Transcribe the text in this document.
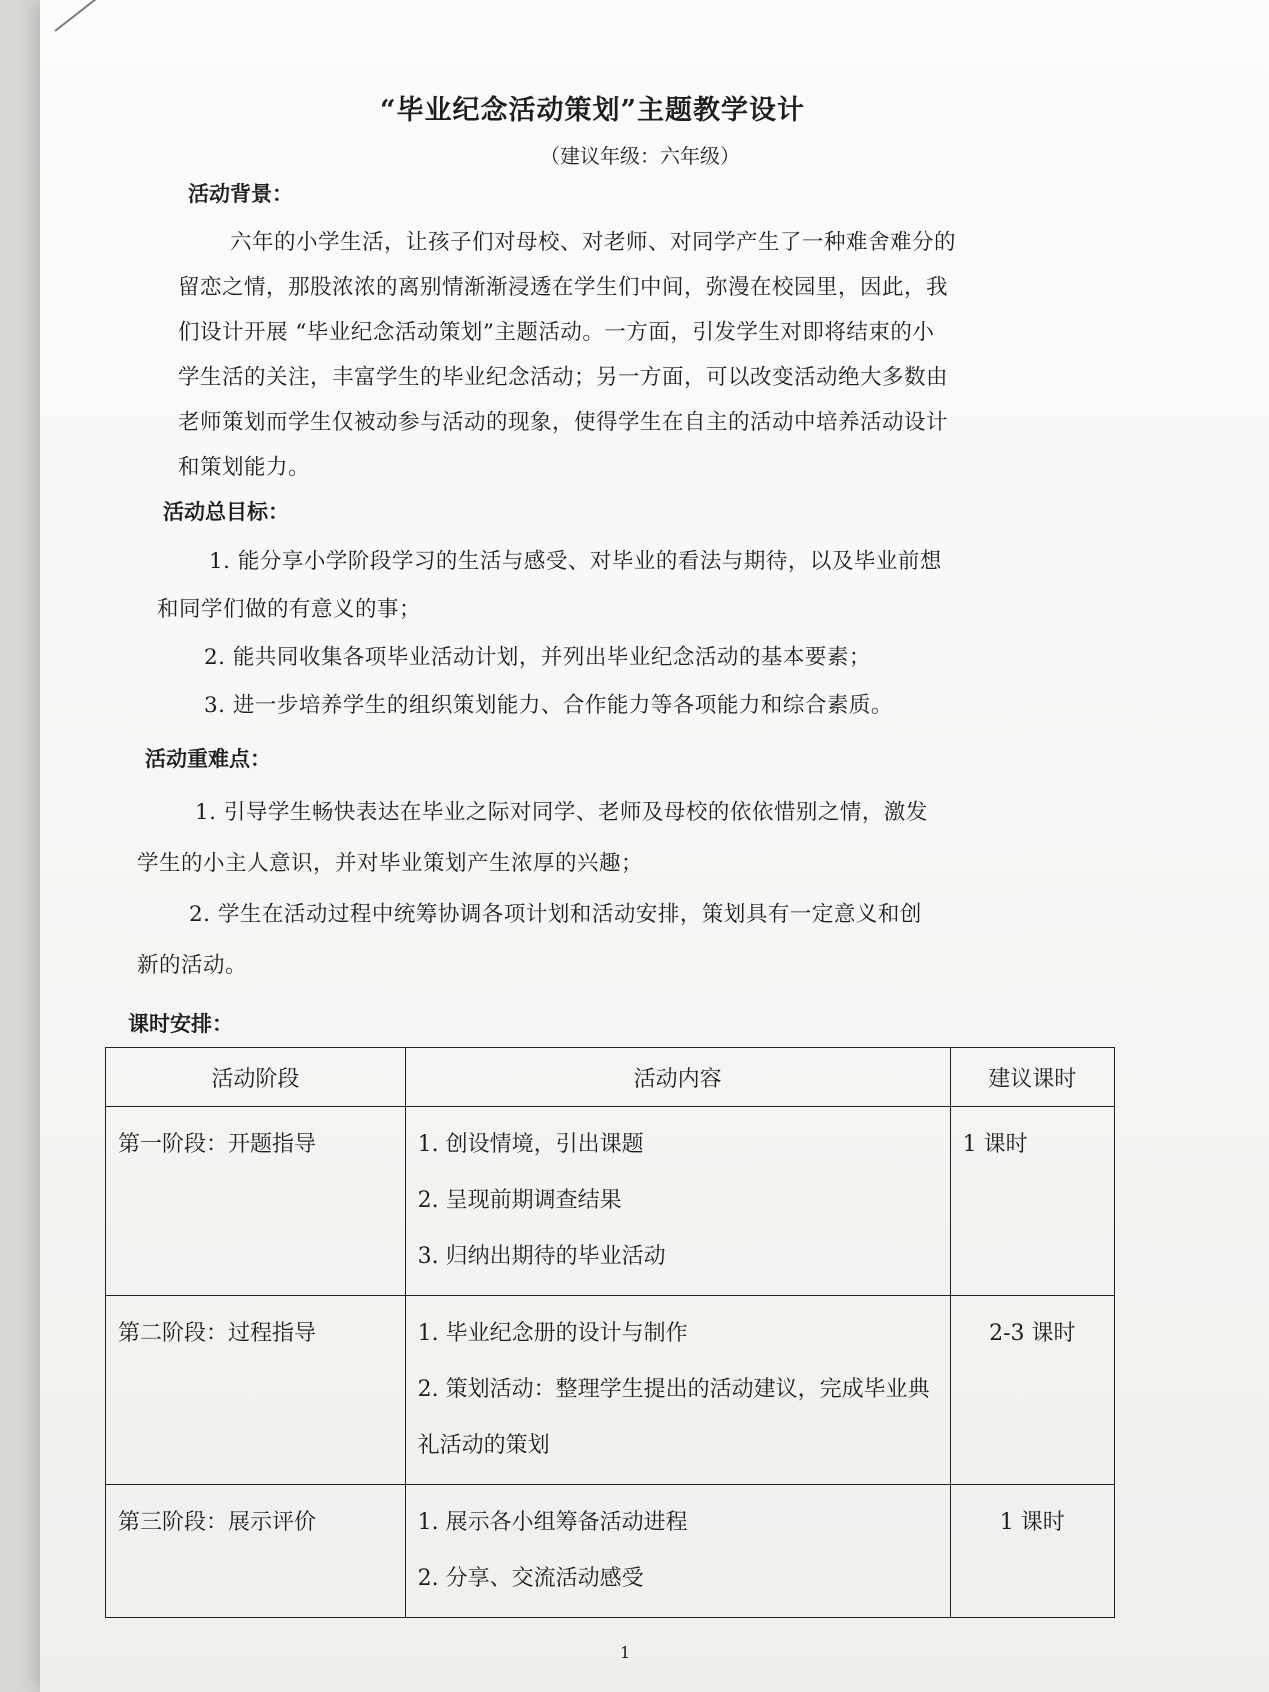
“毕业纪念活动策划”主题教学设计
（建议年级：六年级）
活动背景：
六年的小学生活，让孩子们对母校、对老师、对同学产生了一种难舍难分的
留恋之情，那股浓浓的离别情渐渐浸透在学生们中间，弥漫在校园里，因此，我
们设计开展 “毕业纪念活动策划”主题活动。一方面，引发学生对即将结束的小
学生活的关注，丰富学生的毕业纪念活动；另一方面，可以改变活动绝大多数由
老师策划而学生仅被动参与活动的现象，使得学生在自主的活动中培养活动设计
和策划能力。
活动总目标：
1. 能分享小学阶段学习的生活与感受、对毕业的看法与期待，以及毕业前想
和同学们做的有意义的事；
2. 能共同收集各项毕业活动计划，并列出毕业纪念活动的基本要素；
3. 进一步培养学生的组织策划能力、合作能力等各项能力和综合素质。
活动重难点：
1. 引导学生畅快表达在毕业之际对同学、老师及母校的依依惜别之情，激发
学生的小主人意识，并对毕业策划产生浓厚的兴趣；
2. 学生在活动过程中统筹协调各项计划和活动安排，策划具有一定意义和创
新的活动。
课时安排：
活动阶段	活动内容	建议课时

第一阶段：开题指导	1. 创设情境，引出课题
2. 呈现前期调查结果
3. 归纳出期待的毕业活动	1 课时

第二阶段：过程指导	1. 毕业纪念册的设计与制作
2. 策划活动：整理学生提出的活动建议，完成毕业典礼活动的策划	2-3 课时

第三阶段：展示评价	1. 展示各小组筹备活动进程
2. 分享、交流活动感受	1 课时
1
